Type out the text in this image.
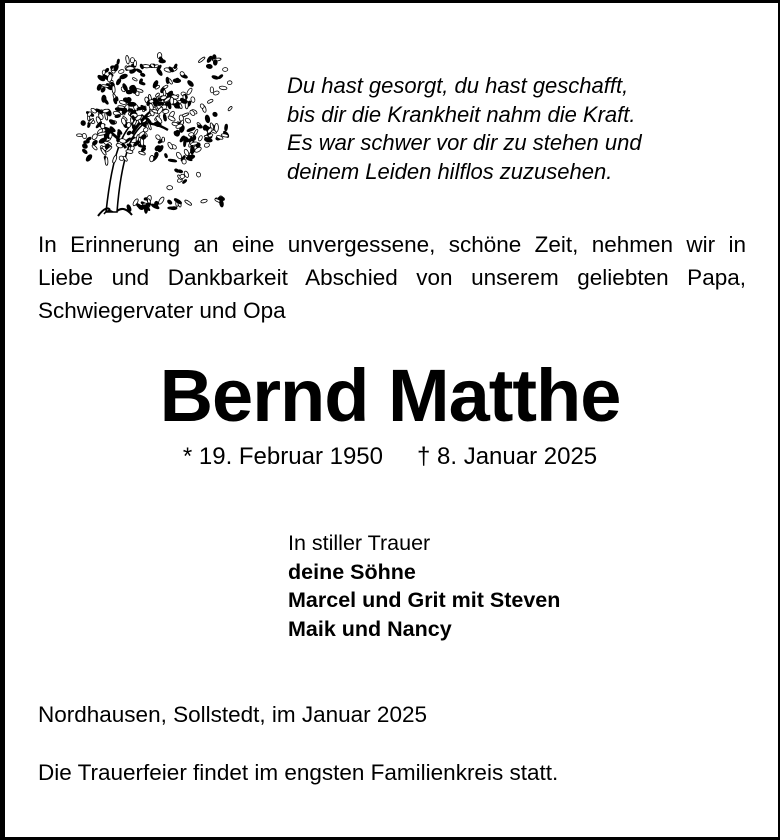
Du hast gesorgt, du hast geschafft,
bis dir die Krankheit nahm die Kraft.
Es war schwer vor dir zu stehen und
deinem Leiden hilflos zuzusehen.
In Erinnerung an eine unvergessene, schöne Zeit, nehmen wir in
Liebe und Dankbarkeit Abschied von unserem geliebten Papa,
Schwiegervater und Opa
Bernd Matthe
* 19. Februar 1950 † 8. Januar 2025
In stiller Trauer
deine Söhne
Marcel und Grit mit Steven
Maik und Nancy
Nordhausen, Sollstedt, im Januar 2025
Die Trauerfeier findet im engsten Familienkreis statt.
